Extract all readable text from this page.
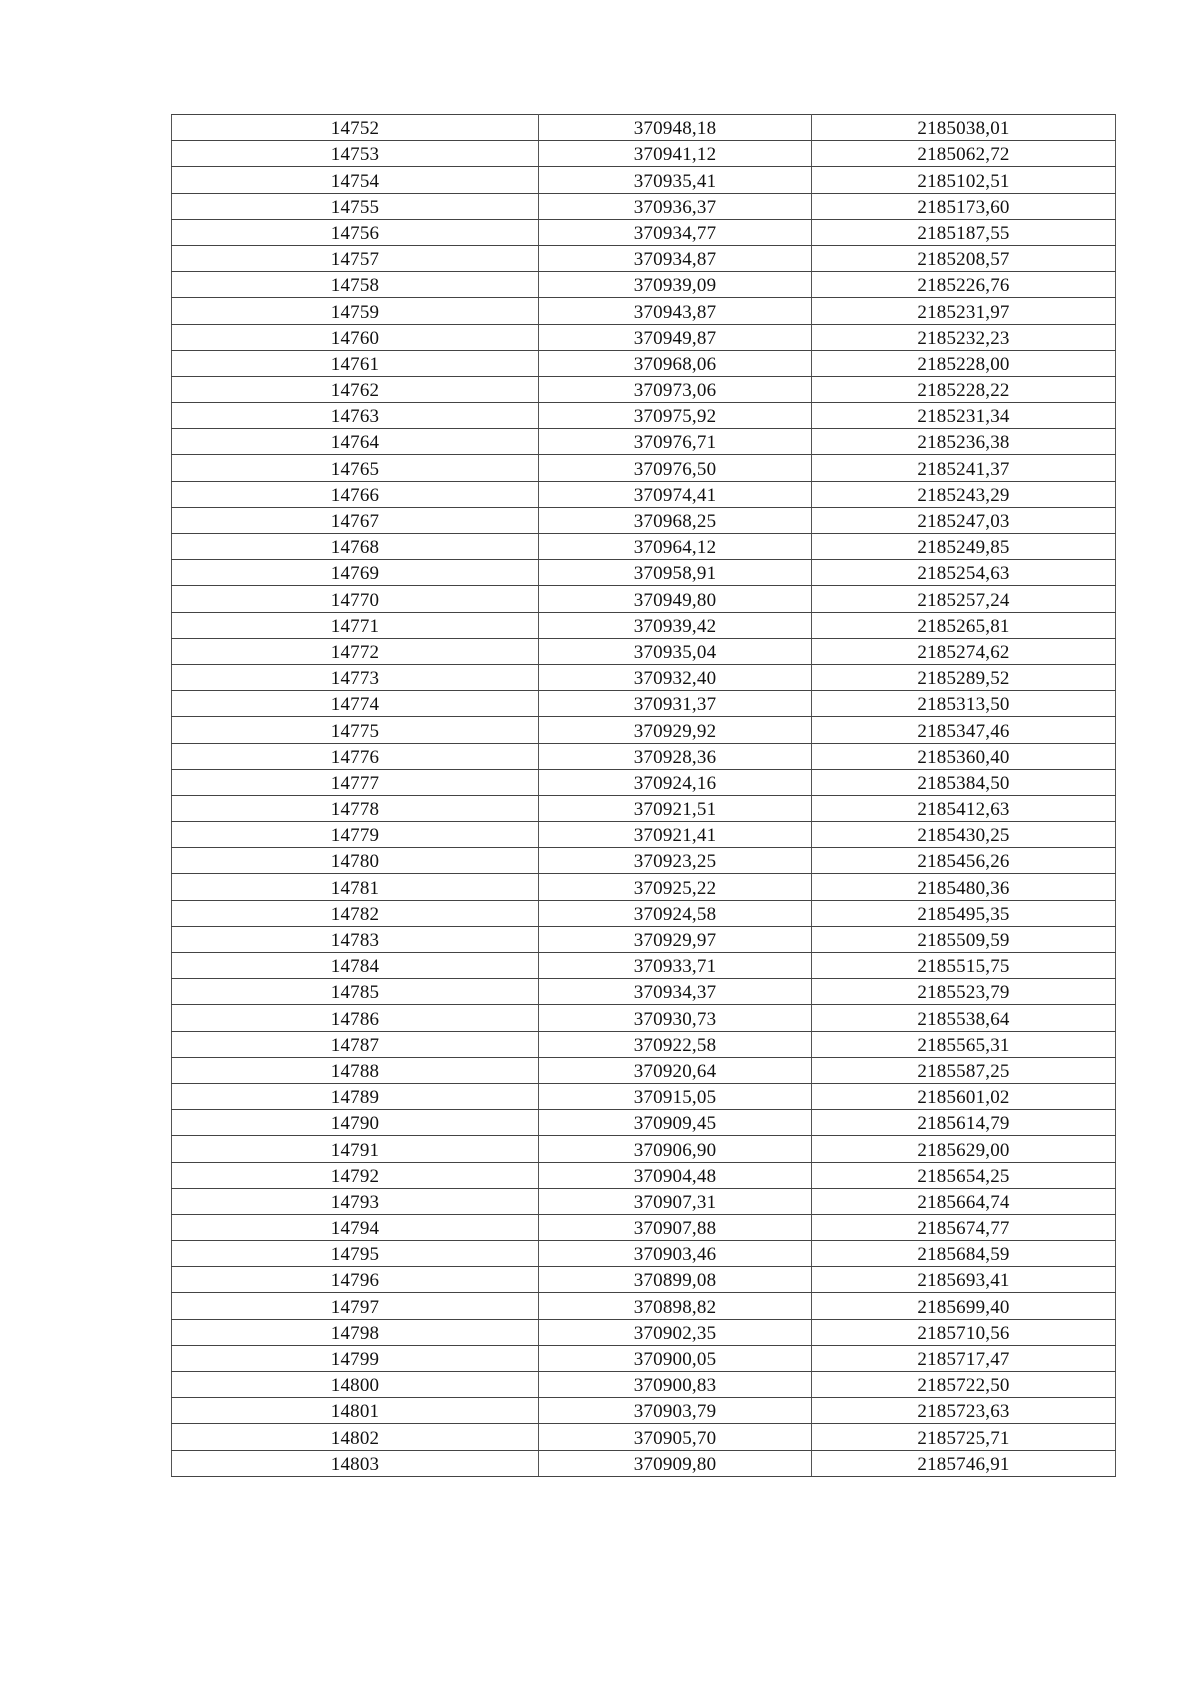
14752	370948,18	2185038,01
14753	370941,12	2185062,72
14754	370935,41	2185102,51
14755	370936,37	2185173,60
14756	370934,77	2185187,55
14757	370934,87	2185208,57
14758	370939,09	2185226,76
14759	370943,87	2185231,97
14760	370949,87	2185232,23
14761	370968,06	2185228,00
14762	370973,06	2185228,22
14763	370975,92	2185231,34
14764	370976,71	2185236,38
14765	370976,50	2185241,37
14766	370974,41	2185243,29
14767	370968,25	2185247,03
14768	370964,12	2185249,85
14769	370958,91	2185254,63
14770	370949,80	2185257,24
14771	370939,42	2185265,81
14772	370935,04	2185274,62
14773	370932,40	2185289,52
14774	370931,37	2185313,50
14775	370929,92	2185347,46
14776	370928,36	2185360,40
14777	370924,16	2185384,50
14778	370921,51	2185412,63
14779	370921,41	2185430,25
14780	370923,25	2185456,26
14781	370925,22	2185480,36
14782	370924,58	2185495,35
14783	370929,97	2185509,59
14784	370933,71	2185515,75
14785	370934,37	2185523,79
14786	370930,73	2185538,64
14787	370922,58	2185565,31
14788	370920,64	2185587,25
14789	370915,05	2185601,02
14790	370909,45	2185614,79
14791	370906,90	2185629,00
14792	370904,48	2185654,25
14793	370907,31	2185664,74
14794	370907,88	2185674,77
14795	370903,46	2185684,59
14796	370899,08	2185693,41
14797	370898,82	2185699,40
14798	370902,35	2185710,56
14799	370900,05	2185717,47
14800	370900,83	2185722,50
14801	370903,79	2185723,63
14802	370905,70	2185725,71
14803	370909,80	2185746,91
